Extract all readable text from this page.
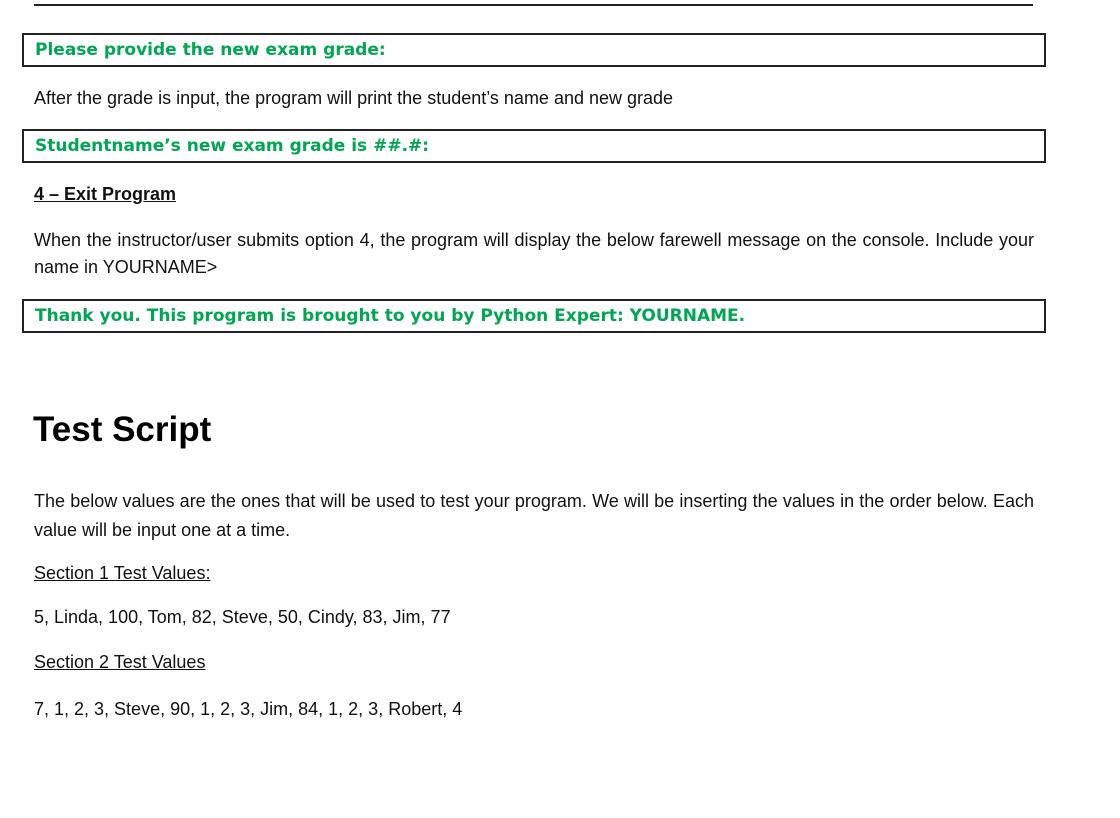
Please provide the new exam grade:
After the grade is input, the program will print the student’s name and new grade
Studentname’s new exam grade is ##.#:
4 – Exit Program
When the instructor/user submits option 4, the program will display the below farewell message on the console. Include your name in YOURNAME>
Thank you. This program is brought to you by Python Expert: YOURNAME.
Test Script
The below values are the ones that will be used to test your program. We will be inserting the values in the order below. Each value will be input one at a time.
Section 1 Test Values:
5, Linda, 100, Tom, 82, Steve, 50, Cindy, 83, Jim, 77
Section 2 Test Values
7, 1, 2, 3, Steve, 90, 1, 2, 3, Jim, 84, 1, 2, 3, Robert, 4
